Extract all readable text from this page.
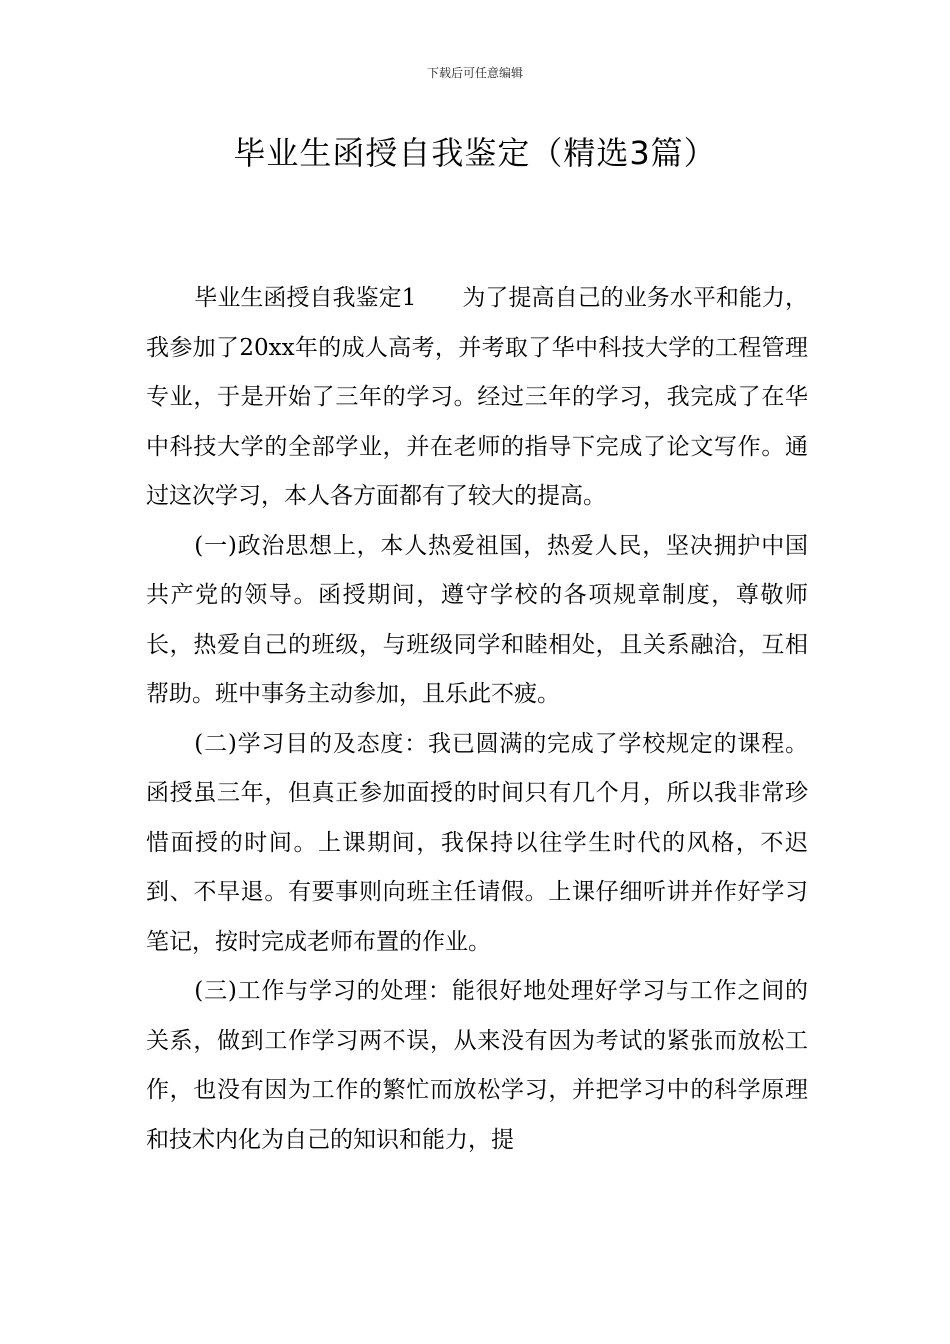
下载后可任意编辑
毕业生函授自我鉴定（精选3篇）

毕业生函授自我鉴定1 为了提高自己的业务水平和能力，我参加了20xx年的成人高考，并考取了华中科技大学的工程管理专业，于是开始了三年的学习。经过三年的学习，我完成了在华中科技大学的全部学业，并在老师的指导下完成了论文写作。通过这次学习，本人各方面都有了较大的提高。

(一)政治思想上，本人热爱祖国，热爱人民，坚决拥护中国共产党的领导。函授期间，遵守学校的各项规章制度，尊敬师长，热爱自己的班级，与班级同学和睦相处，且关系融洽，互相帮助。班中事务主动参加，且乐此不疲。

(二)学习目的及态度：我已圆满的完成了学校规定的课程。函授虽三年，但真正参加面授的时间只有几个月，所以我非常珍惜面授的时间。上课期间，我保持以往学生时代的风格，不迟到、不早退。有要事则向班主任请假。上课仔细听讲并作好学习笔记，按时完成老师布置的作业。

(三)工作与学习的处理：能很好地处理好学习与工作之间的关系，做到工作学习两不误，从来没有因为考试的紧张而放松工作，也没有因为工作的繁忙而放松学习，并把学习中的科学原理和技术内化为自己的知识和能力，提
